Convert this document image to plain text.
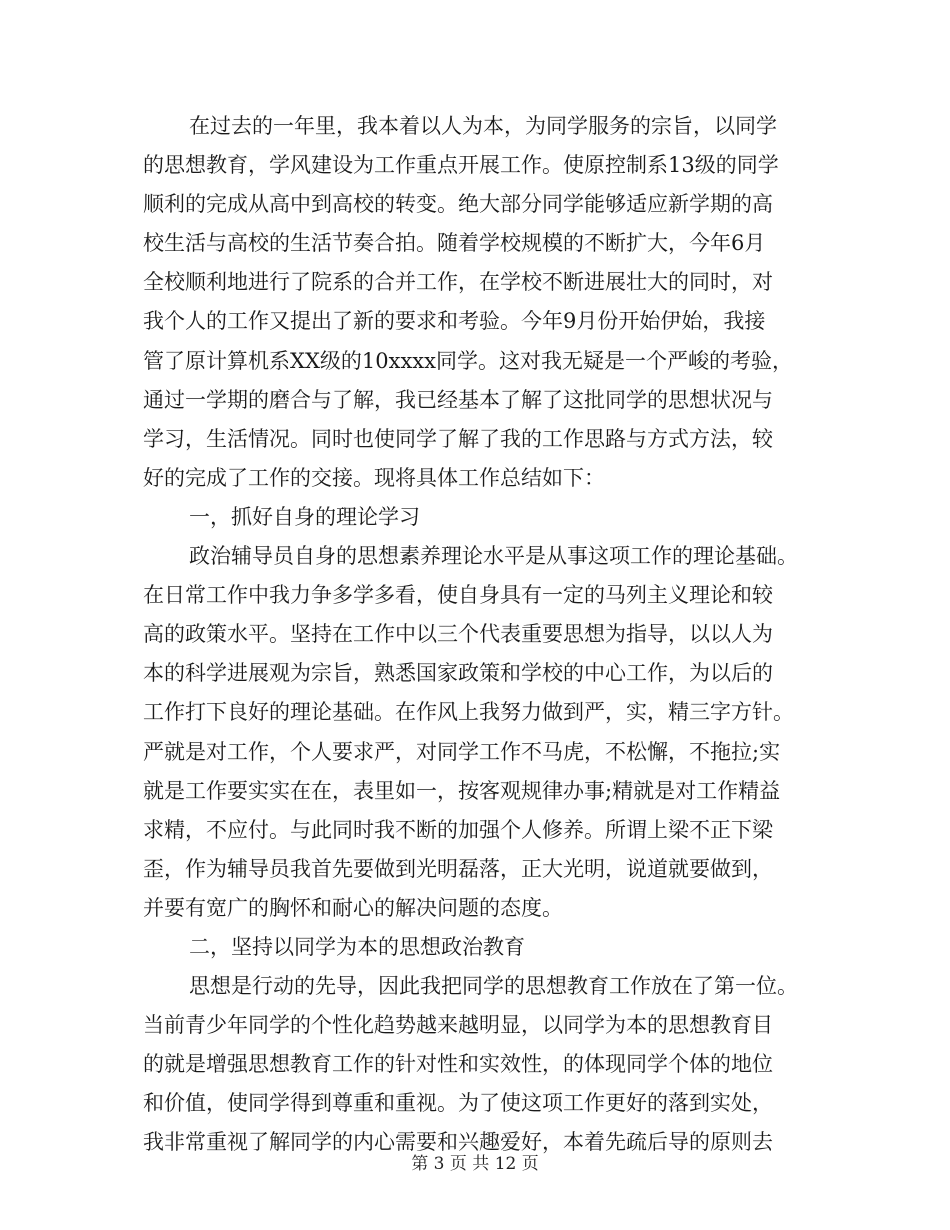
在过去的一年里，我本着以人为本，为同学服务的宗旨，以同学
的思想教育，学风建设为工作重点开展工作。使原控制系13级的同学
顺利的完成从高中到高校的转变。绝大部分同学能够适应新学期的高
校生活与高校的生活节奏合拍。随着学校规模的不断扩大，今年6月
全校顺利地进行了院系的合并工作，在学校不断进展壮大的同时，对
我个人的工作又提出了新的要求和考验。今年9月份开始伊始，我接
管了原计算机系XX级的10xxxx同学。这对我无疑是一个严峻的考验，
通过一学期的磨合与了解，我已经基本了解了这批同学的思想状况与
学习，生活情况。同时也使同学了解了我的工作思路与方式方法，较
好的完成了工作的交接。现将具体工作总结如下：
一，抓好自身的理论学习
政治辅导员自身的思想素养理论水平是从事这项工作的理论基础。
在日常工作中我力争多学多看，使自身具有一定的马列主义理论和较
高的政策水平。坚持在工作中以三个代表重要思想为指导，以以人为
本的科学进展观为宗旨，熟悉国家政策和学校的中心工作，为以后的
工作打下良好的理论基础。在作风上我努力做到严，实，精三字方针。
严就是对工作，个人要求严，对同学工作不马虎，不松懈，不拖拉;实
就是工作要实实在在，表里如一，按客观规律办事;精就是对工作精益
求精，不应付。与此同时我不断的加强个人修养。所谓上梁不正下梁
歪，作为辅导员我首先要做到光明磊落，正大光明，说道就要做到，
并要有宽广的胸怀和耐心的解决问题的态度。
二，坚持以同学为本的思想政治教育
思想是行动的先导，因此我把同学的思想教育工作放在了第一位。
当前青少年同学的个性化趋势越来越明显，以同学为本的思想教育目
的就是增强思想教育工作的针对性和实效性，的体现同学个体的地位
和价值，使同学得到尊重和重视。为了使这项工作更好的落到实处，
我非常重视了解同学的内心需要和兴趣爱好，本着先疏后导的原则去
第 3 页 共 12 页
